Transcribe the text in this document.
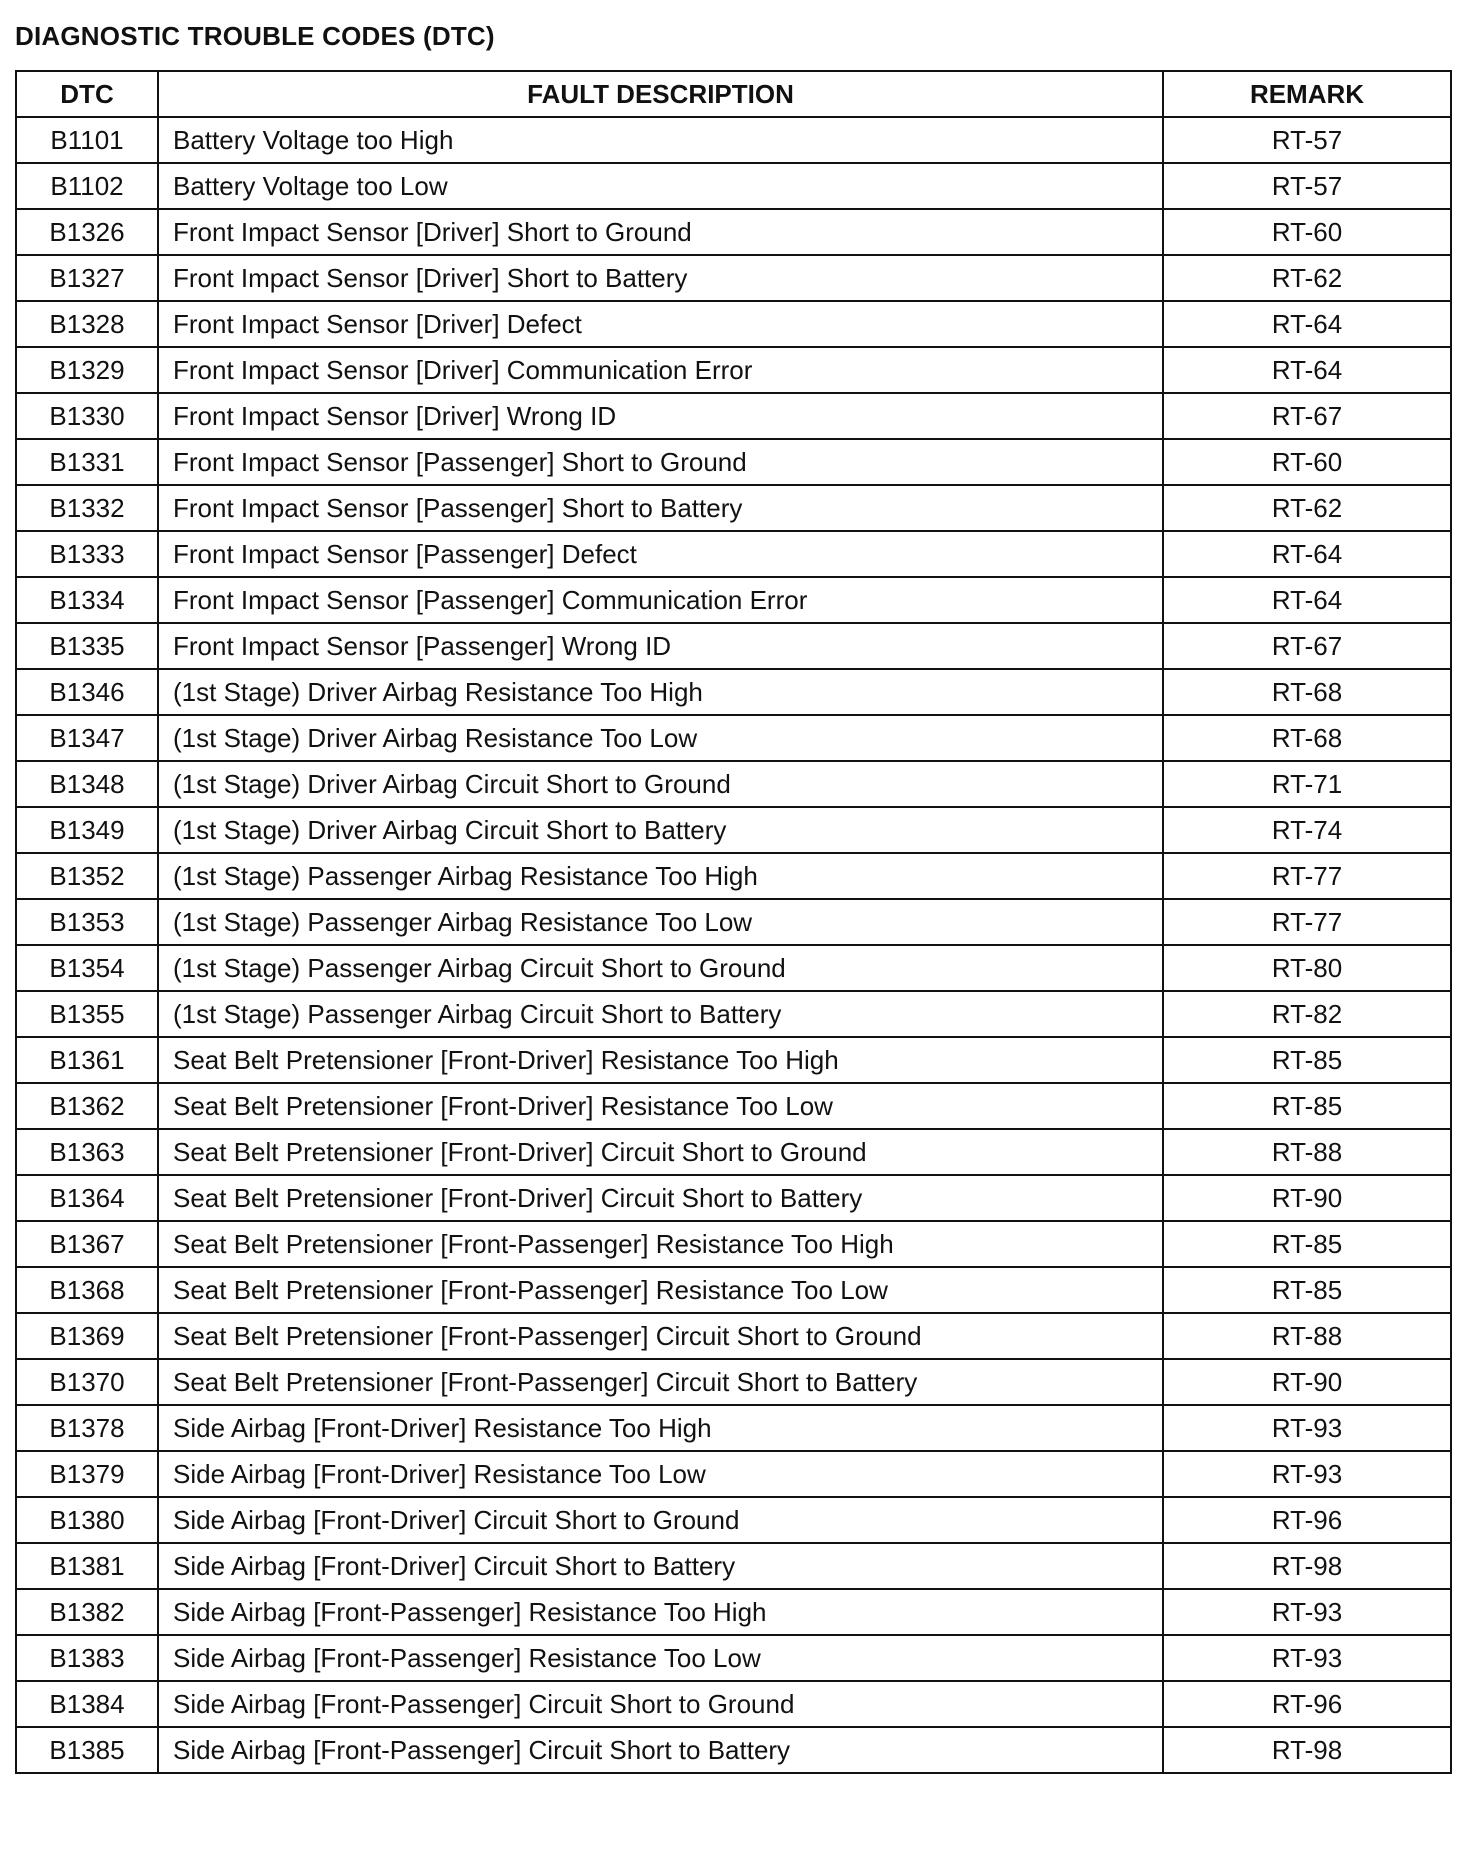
DIAGNOSTIC TROUBLE CODES (DTC)
DTC	FAULT DESCRIPTION	REMARK
B1101	Battery Voltage too High	RT-57
B1102	Battery Voltage too Low	RT-57
B1326	Front Impact Sensor [Driver] Short to Ground	RT-60
B1327	Front Impact Sensor [Driver] Short to Battery	RT-62
B1328	Front Impact Sensor [Driver] Defect	RT-64
B1329	Front Impact Sensor [Driver] Communication Error	RT-64
B1330	Front Impact Sensor [Driver] Wrong ID	RT-67
B1331	Front Impact Sensor [Passenger] Short to Ground	RT-60
B1332	Front Impact Sensor [Passenger] Short to Battery	RT-62
B1333	Front Impact Sensor [Passenger] Defect	RT-64
B1334	Front Impact Sensor [Passenger] Communication Error	RT-64
B1335	Front Impact Sensor [Passenger] Wrong ID	RT-67
B1346	(1st Stage) Driver Airbag Resistance Too High	RT-68
B1347	(1st Stage) Driver Airbag Resistance Too Low	RT-68
B1348	(1st Stage) Driver Airbag Circuit Short to Ground	RT-71
B1349	(1st Stage) Driver Airbag Circuit Short to Battery	RT-74
B1352	(1st Stage) Passenger Airbag Resistance Too High	RT-77
B1353	(1st Stage) Passenger Airbag Resistance Too Low	RT-77
B1354	(1st Stage) Passenger Airbag Circuit Short to Ground	RT-80
B1355	(1st Stage) Passenger Airbag Circuit Short to Battery	RT-82
B1361	Seat Belt Pretensioner [Front-Driver] Resistance Too High	RT-85
B1362	Seat Belt Pretensioner [Front-Driver] Resistance Too Low	RT-85
B1363	Seat Belt Pretensioner [Front-Driver] Circuit Short to Ground	RT-88
B1364	Seat Belt Pretensioner [Front-Driver] Circuit Short to Battery	RT-90
B1367	Seat Belt Pretensioner [Front-Passenger] Resistance Too High	RT-85
B1368	Seat Belt Pretensioner [Front-Passenger] Resistance Too Low	RT-85
B1369	Seat Belt Pretensioner [Front-Passenger] Circuit Short to Ground	RT-88
B1370	Seat Belt Pretensioner [Front-Passenger] Circuit Short to Battery	RT-90
B1378	Side Airbag [Front-Driver] Resistance Too High	RT-93
B1379	Side Airbag [Front-Driver] Resistance Too Low	RT-93
B1380	Side Airbag [Front-Driver] Circuit Short to Ground	RT-96
B1381	Side Airbag [Front-Driver] Circuit Short to Battery	RT-98
B1382	Side Airbag [Front-Passenger] Resistance Too High	RT-93
B1383	Side Airbag [Front-Passenger] Resistance Too Low	RT-93
B1384	Side Airbag [Front-Passenger] Circuit Short to Ground	RT-96
B1385	Side Airbag [Front-Passenger] Circuit Short to Battery	RT-98
